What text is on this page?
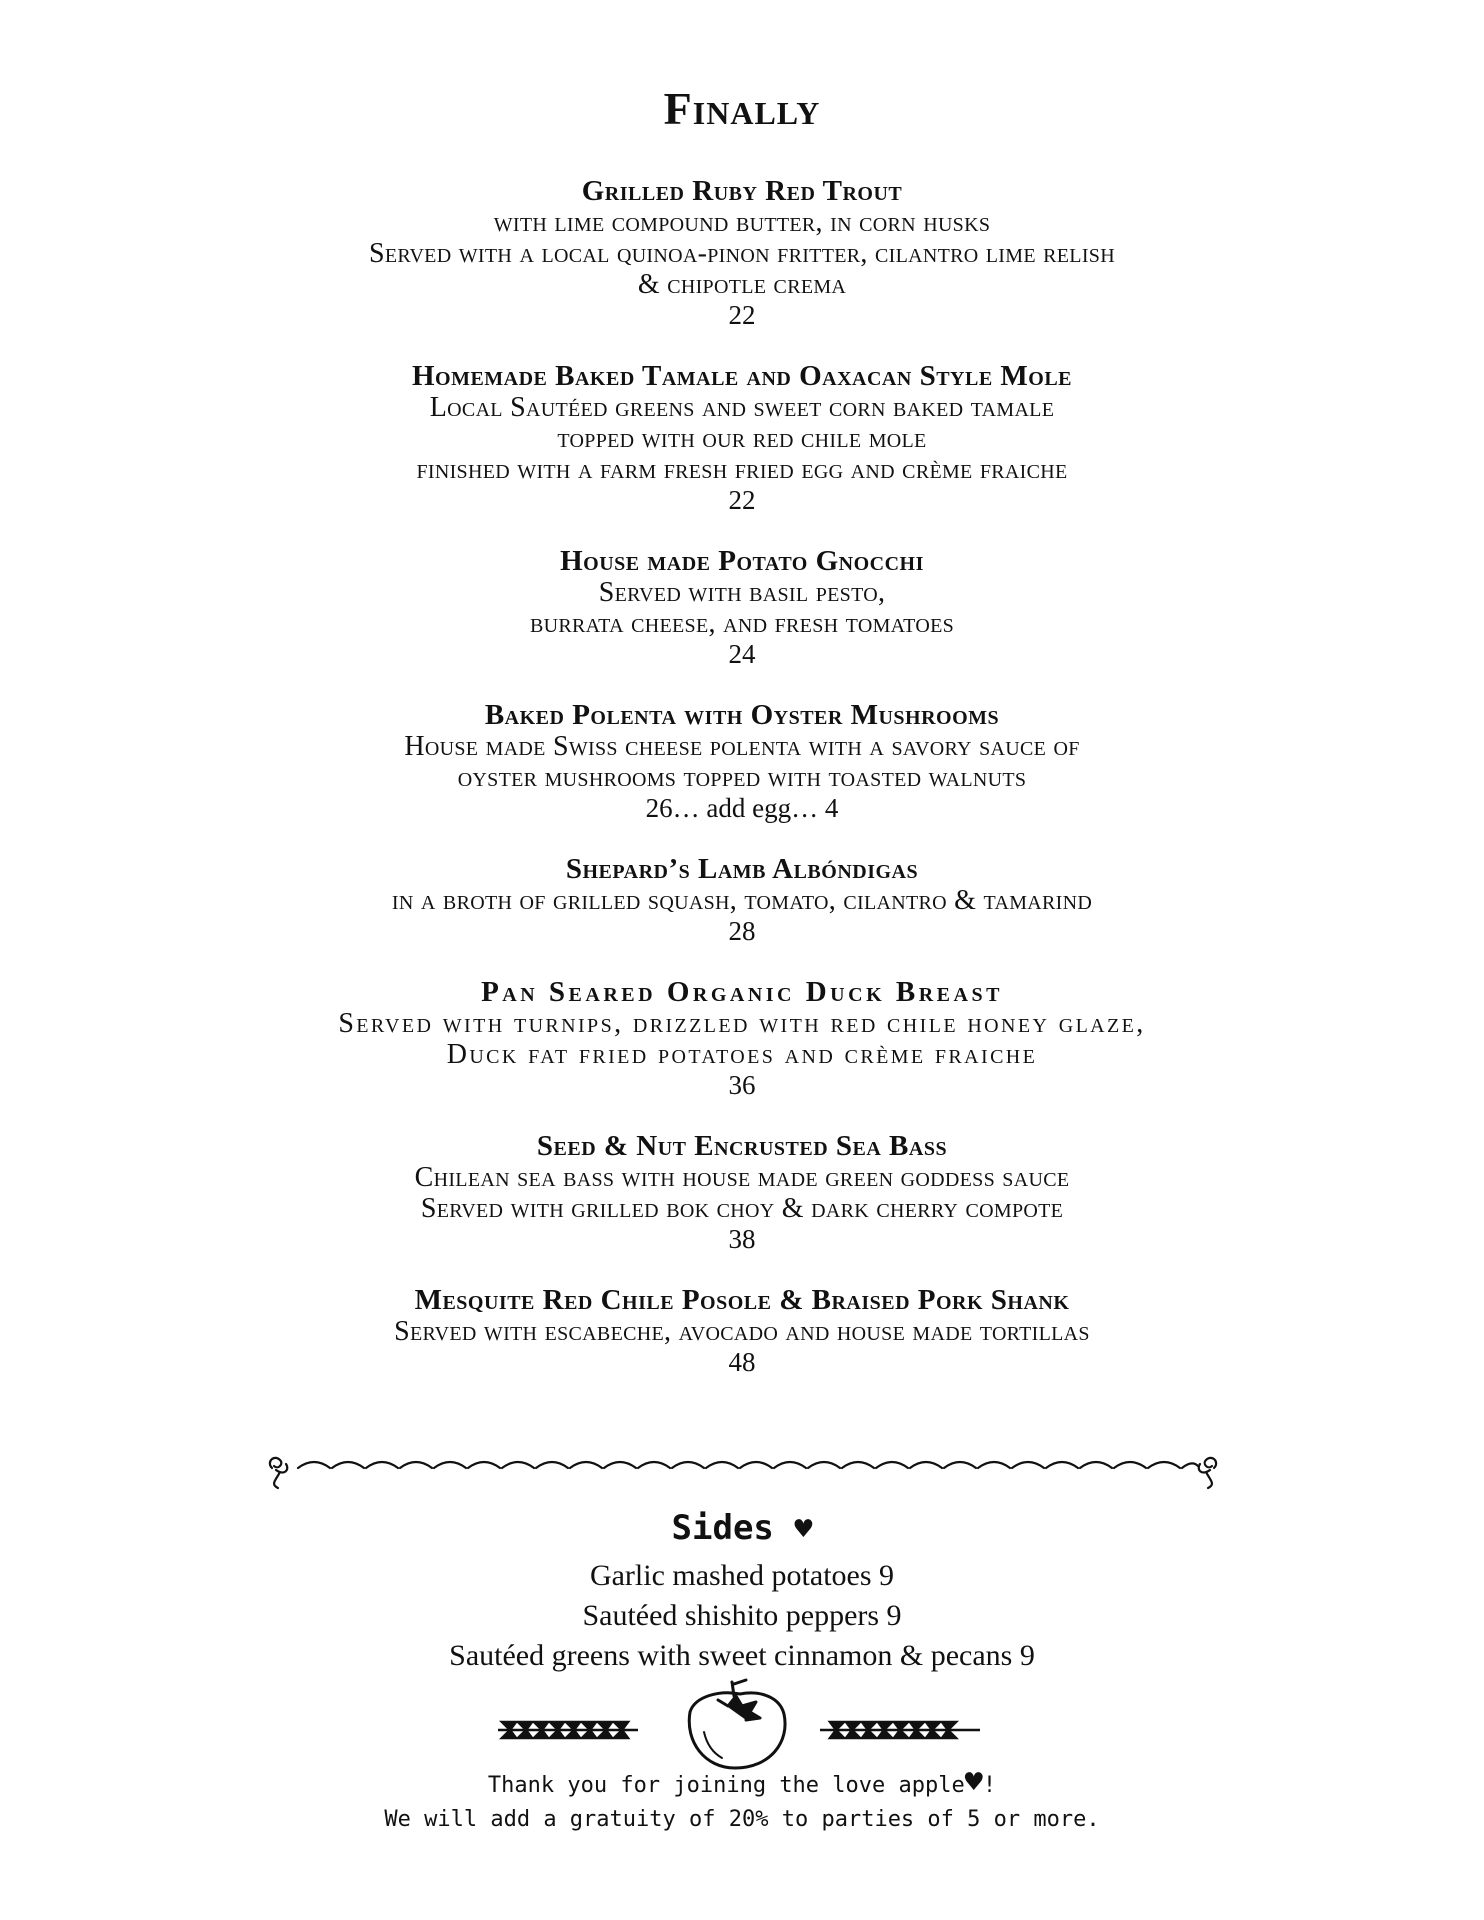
Finally
Grilled Ruby Red Trout
with lime compound butter, in corn husks
Served with a local quinoa-pinon fritter, cilantro lime relish
& chipotle crema
22
Homemade Baked Tamale and Oaxacan Style Mole
Local Sautéed greens and sweet corn baked tamale
topped with our red chile mole
finished with a farm fresh fried egg and crème fraiche
22
House made Potato Gnocchi
Served with basil pesto,
burrata cheese, and fresh tomatoes
24
Baked Polenta with Oyster Mushrooms
House made Swiss cheese polenta with a savory sauce of
oyster mushrooms topped with toasted walnuts
26… add egg… 4
Shepard’s Lamb Albóndigas
in a broth of grilled squash, tomato, cilantro & tamarind
28
Pan Seared Organic Duck Breast
Served with turnips, drizzled with red chile honey glaze,
Duck fat fried potatoes and crème fraiche
36
Seed & Nut Encrusted Sea Bass
Chilean sea bass with house made green goddess sauce
Served with grilled bok choy & dark cherry compote
38
Mesquite Red Chile Posole & Braised Pork Shank
Served with escabeche, avocado and house made tortillas
48
Sides ♥
Garlic mashed potatoes 9
Sautéed shishito peppers 9
Sautéed greens with sweet cinnamon & pecans 9
Thank you for joining the love apple♥!
We will add a gratuity of 20% to parties of 5 or more.
